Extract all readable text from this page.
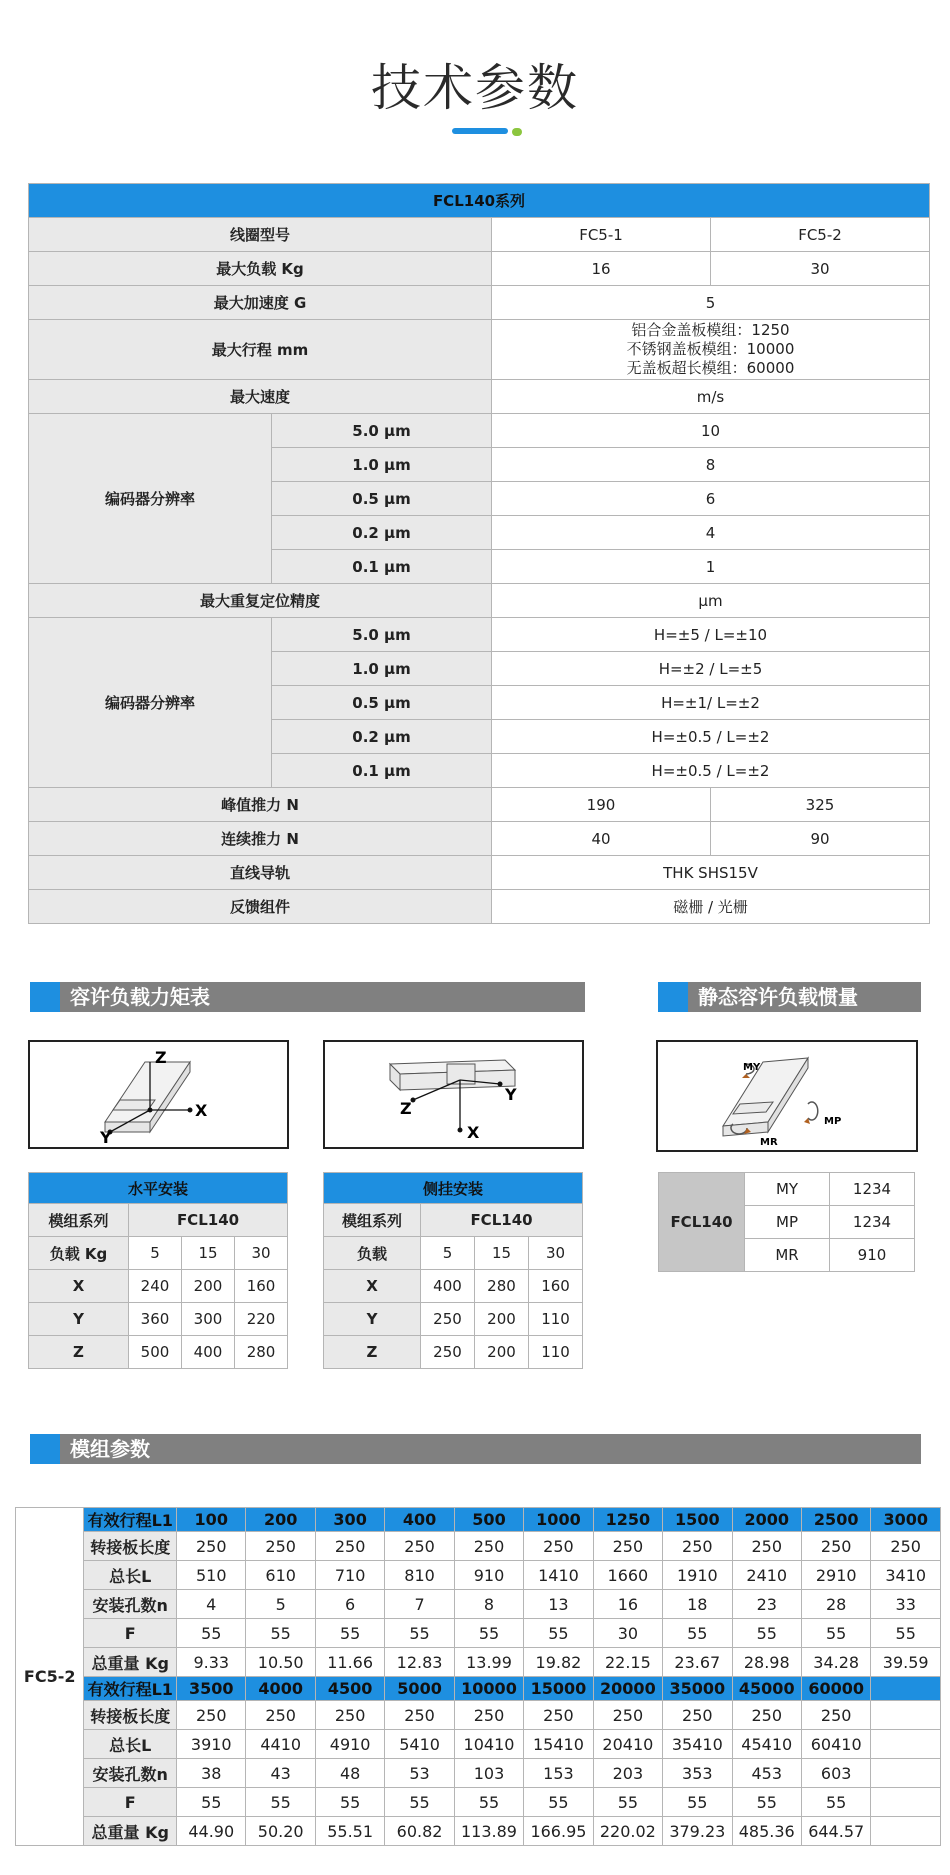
技术参数
FCL140系列			
线圈型号		FC5-1	FC5-2
最大负载 Kg		16	30
最大加速度 G		5	
最大行程 mm		铝合金盖板模组：1250
不锈钢盖板模组：10000
无盖板超长模组：60000	

最大速度		m/s	
编码器分辨率	5.0 μm	10	
	1.0 μm	8	
	0.5 μm	6	
	0.2 μm	4	
	0.1 μm	1	
最大重复定位精度		μm	
编码器分辨率	5.0 μm	H=±5 / L=±10	
	1.0 μm	H=±2 / L=±5	
	0.5 μm	H=±1/ L=±2	
	0.2 μm	H=±0.5 / L=±2	
	0.1 μm	H=±0.5 / L=±2	
峰值推力 N		190	325
连续推力 N		40	90
直线导轨		THK SHS15V	
反馈组件		磁栅 / 光栅	
容许负载力矩表	静态容许负载惯量
Z
X
Y
Z
Y
X
MY
MP
MR
水平安装			
模组系列	FCL140		
负载 Kg	5	15	30
X	240	200	160
Y	360	300	220
Z	500	400	280
侧挂安装			
模组系列	FCL140		
负载	5	15	30
X	400	280	160
Y	250	200	110
Z	250	200	110
FCL140	MY	1234
	MP	1234
	MR	910
模组参数
FC5-2	有效行程L1	100	200	300	400	500	1000	1250	1500	2000	2500	3000
	转接板长度	250	250	250	250	250	250	250	250	250	250	250
	总长L	510	610	710	810	910	1410	1660	1910	2410	2910	3410
	安装孔数n	4	5	6	7	8	13	16	18	23	28	33
	F	55	55	55	55	55	55	30	55	55	55	55
	总重量 Kg	9.33	10.50	11.66	12.83	13.99	19.82	22.15	23.67	28.98	34.28	39.59
	有效行程L1	3500	4000	4500	5000	10000	15000	20000	35000	45000	60000	
	转接板长度	250	250	250	250	250	250	250	250	250	250	
	总长L	3910	4410	4910	5410	10410	15410	20410	35410	45410	60410	
	安装孔数n	38	43	48	53	103	153	203	353	453	603	
	F	55	55	55	55	55	55	55	55	55	55	
	总重量 Kg	44.90	50.20	55.51	60.82	113.89	166.95	220.02	379.23	485.36	644.57	
